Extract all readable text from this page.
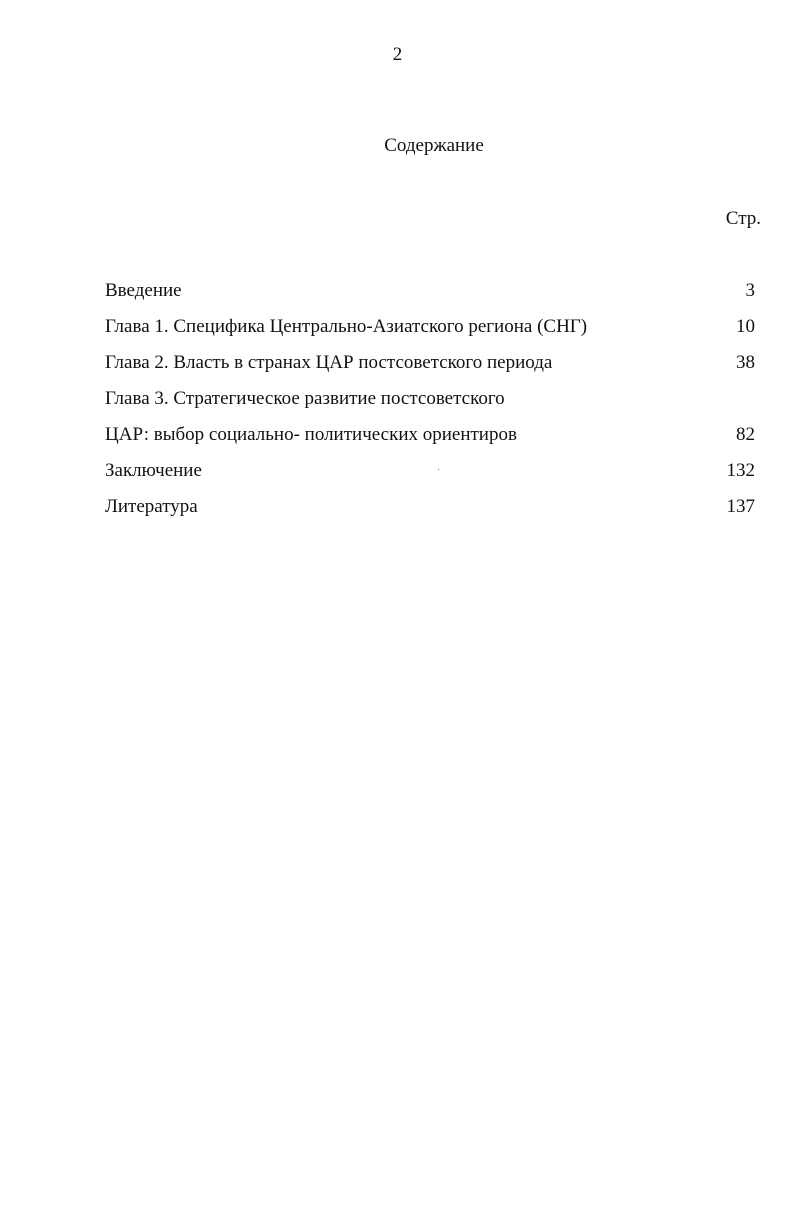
2
Содержание
Стр.
Введение	3
Глава 1. Специфика Центрально-Азиатского региона (СНГ)	10
Глава 2. Власть в странах ЦАР постсоветского периода	38
Глава 3. Стратегическое развитие постсоветского
ЦАР: выбор социально- политических ориентиров	82
Заключение	132
Литература	137
